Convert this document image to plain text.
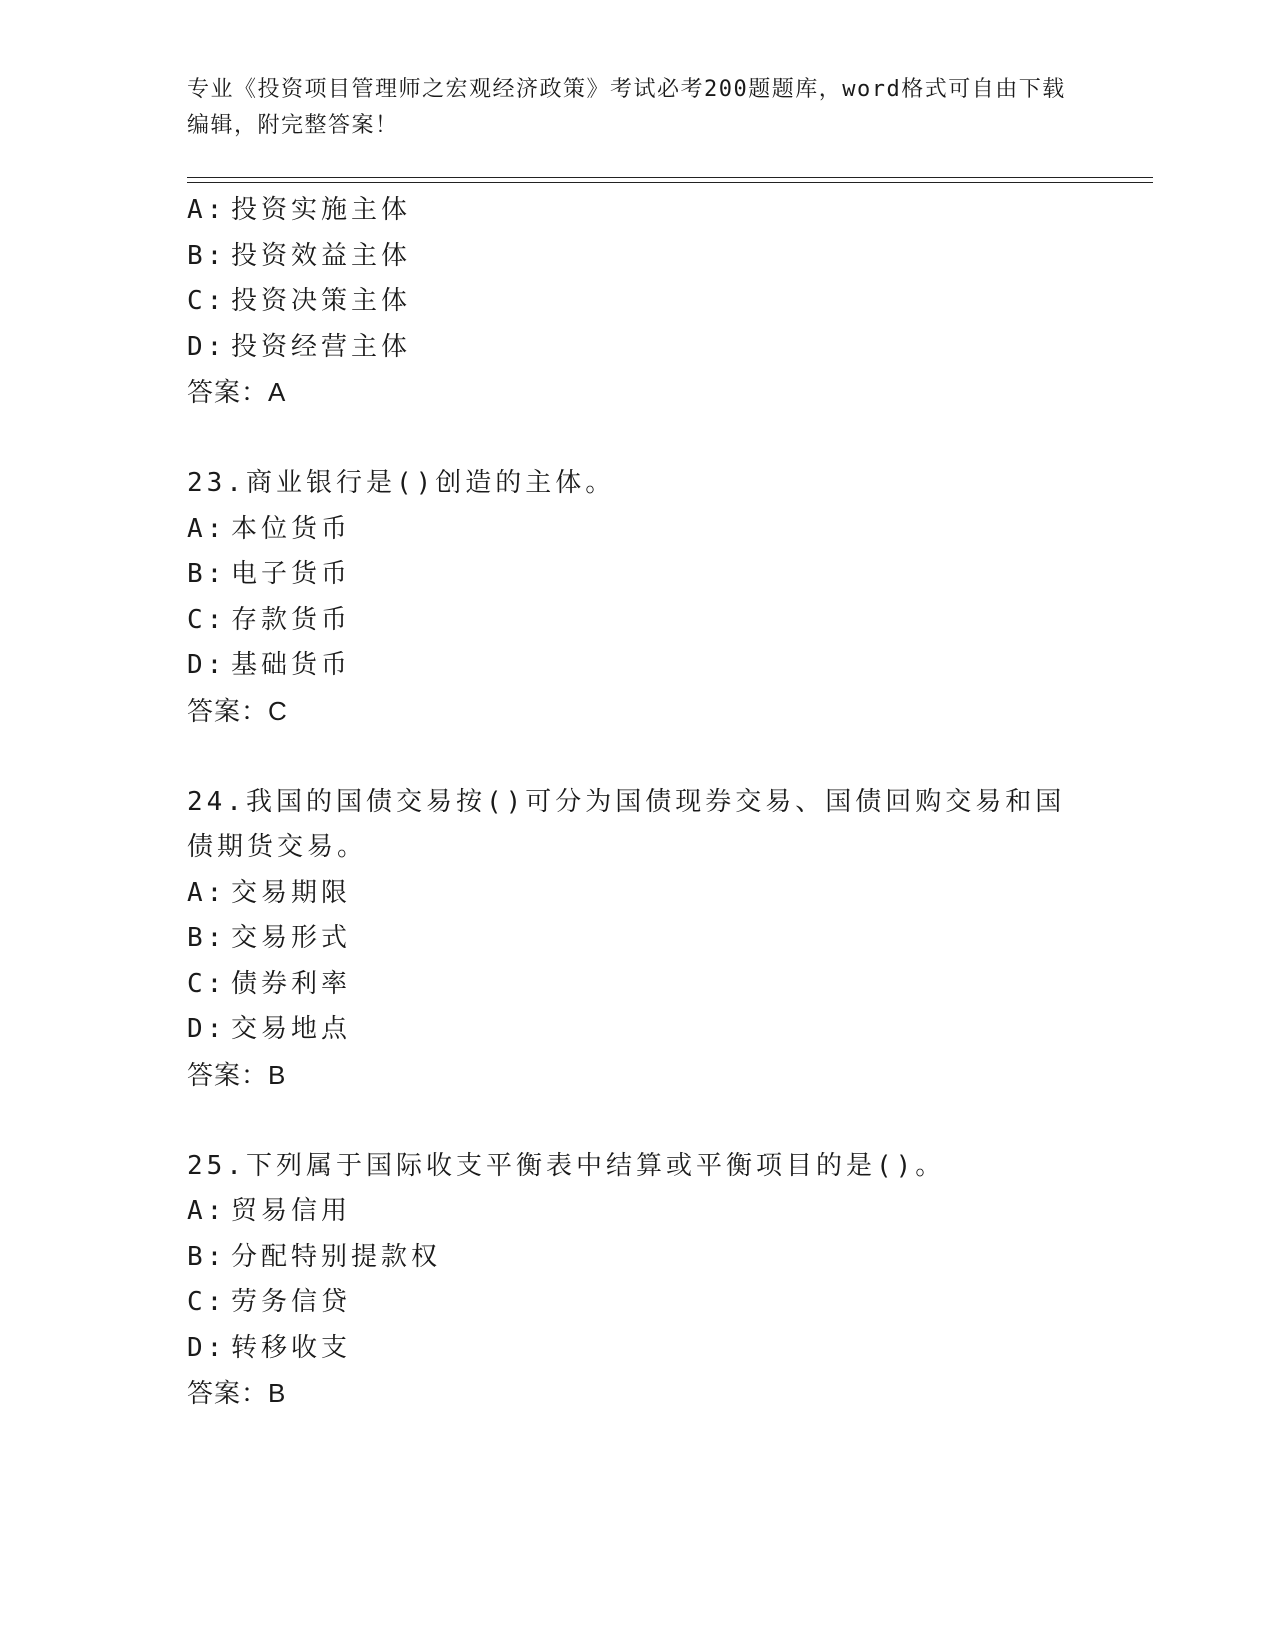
专业《投资项目管理师之宏观经济政策》考试必考200题题库，word格式可自由下载编辑，附完整答案！
A: 投资实施主体
B: 投资效益主体
C: 投资决策主体
D: 投资经营主体
答案：A
23.商业银行是()创造的主体。
A: 本位货币
B: 电子货币
C: 存款货币
D: 基础货币
答案：C
24.我国的国债交易按()可分为国债现券交易、国债回购交易和国债期货交易。
A: 交易期限
B: 交易形式
C: 债券利率
D: 交易地点
答案：B
25.下列属于国际收支平衡表中结算或平衡项目的是()。
A: 贸易信用
B: 分配特别提款权
C: 劳务信贷
D: 转移收支
答案：B
